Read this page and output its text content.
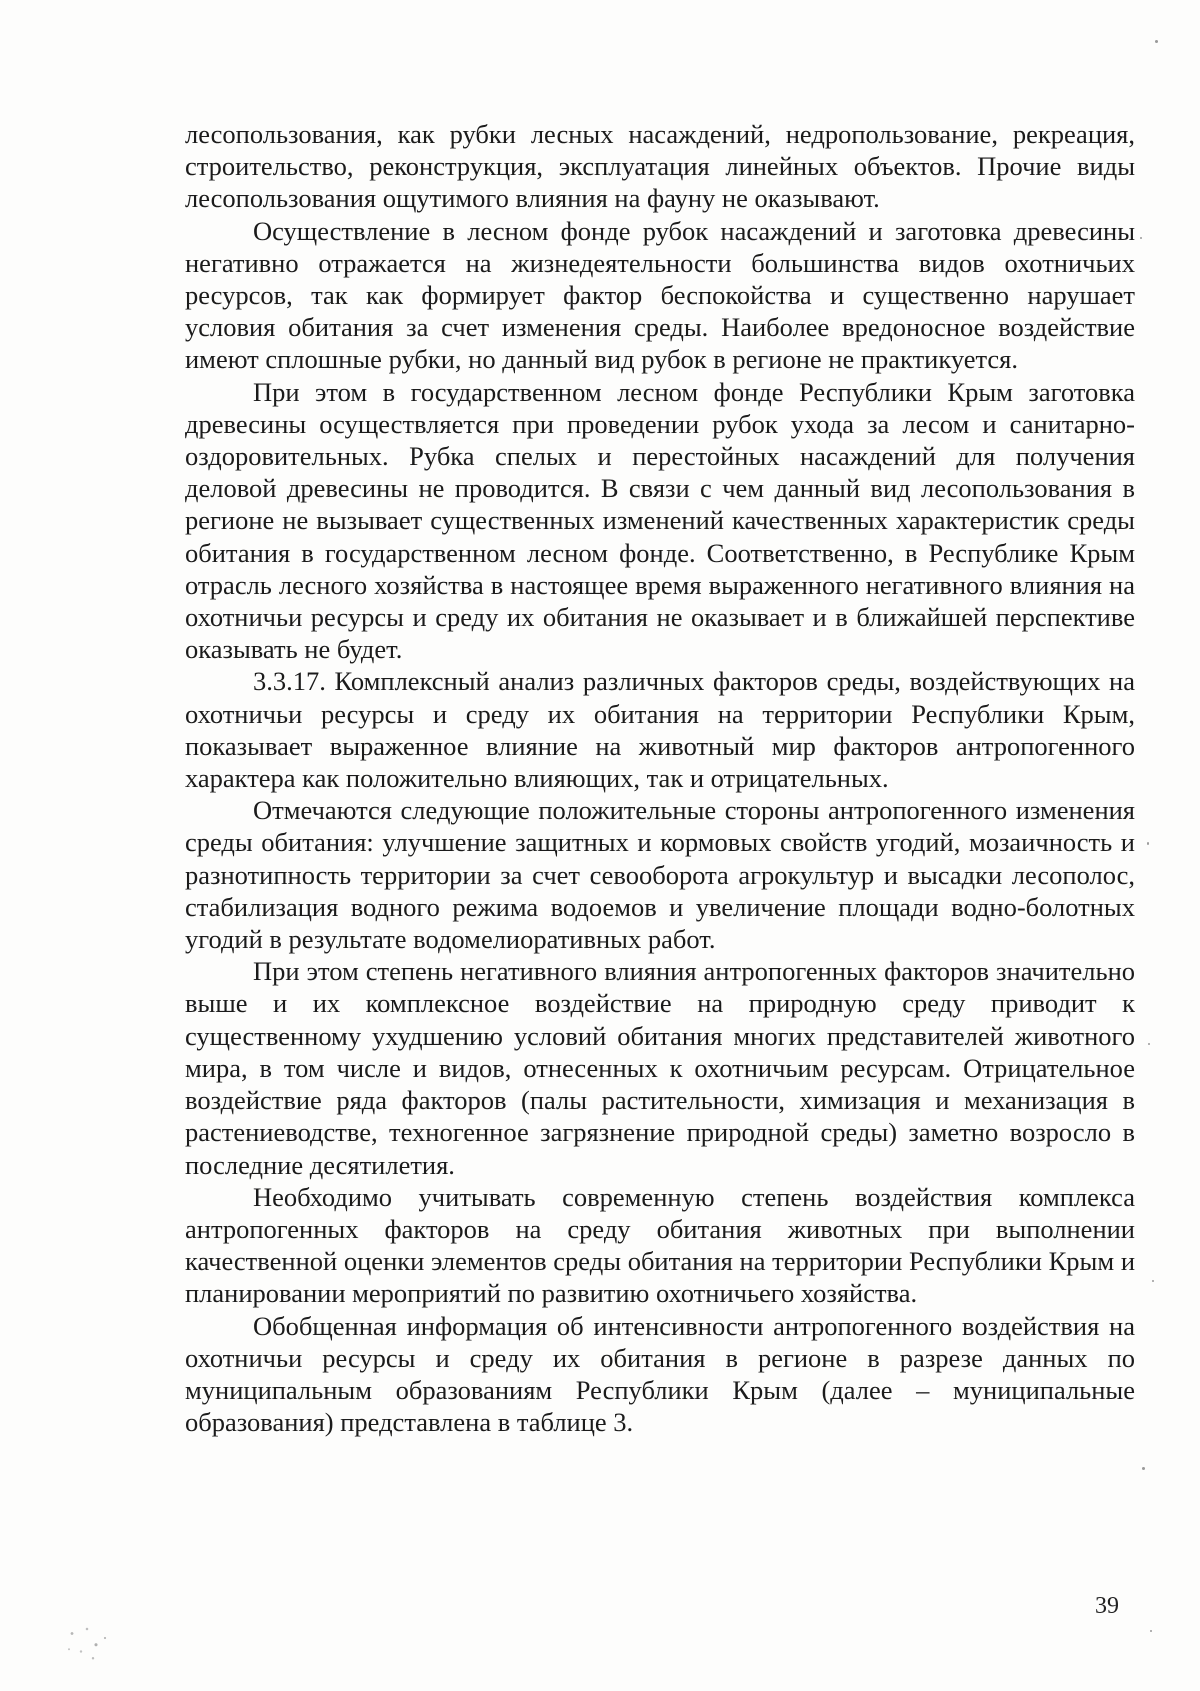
лесопользования, как рубки лесных насаждений, недропользование, рекреация, строительство, реконструкция, эксплуатация линейных объектов. Прочие виды лесопользования ощутимого влияния на фауну не оказывают.

Осуществление в лесном фонде рубок насаждений и заготовка древесины негативно отражается на жизнедеятельности большинства видов охотничьих ресурсов, так как формирует фактор беспокойства и существенно нарушает условия обитания за счет изменения среды. Наиболее вредоносное воздействие имеют сплошные рубки, но данный вид рубок в регионе не практикуется.

При этом в государственном лесном фонде Республики Крым заготовка древесины осуществляется при проведении рубок ухода за лесом и санитарно-оздоровительных. Рубка спелых и перестойных насаждений для получения деловой древесины не проводится. В связи с чем данный вид лесопользования в регионе не вызывает существенных изменений качественных характеристик среды обитания в государственном лесном фонде. Соответственно, в Республике Крым отрасль лесного хозяйства в настоящее время выраженного негативного влияния на охотничьи ресурсы и среду их обитания не оказывает и в ближайшей перспективе оказывать не будет.

3.3.17. Комплексный анализ различных факторов среды, воздействующих на охотничьи ресурсы и среду их обитания на территории Республики Крым, показывает выраженное влияние на животный мир факторов антропогенного характера как положительно влияющих, так и отрицательных.

Отмечаются следующие положительные стороны антропогенного изменения среды обитания: улучшение защитных и кормовых свойств угодий, мозаичность и разнотипность территории за счет севооборота агрокультур и высадки лесополос, стабилизация водного режима водоемов и увеличение площади водно-болотных угодий в результате водомелиоративных работ.

При этом степень негативного влияния антропогенных факторов значительно выше и их комплексное воздействие на природную среду приводит к существенному ухудшению условий обитания многих представителей животного мира, в том числе и видов, отнесенных к охотничьим ресурсам. Отрицательное воздействие ряда факторов (палы растительности, химизация и механизация в растениеводстве, техногенное загрязнение природной среды) заметно возросло в последние десятилетия.

Необходимо учитывать современную степень воздействия комплекса антропогенных факторов на среду обитания животных при выполнении качественной оценки элементов среды обитания на территории Республики Крым и планировании мероприятий по развитию охотничьего хозяйства.

Обобщенная информация об интенсивности антропогенного воздействия на охотничьи ресурсы и среду их обитания в регионе в разрезе данных по муниципальным образованиям Республики Крым (далее – муниципальные образования) представлена в таблице 3.

39
